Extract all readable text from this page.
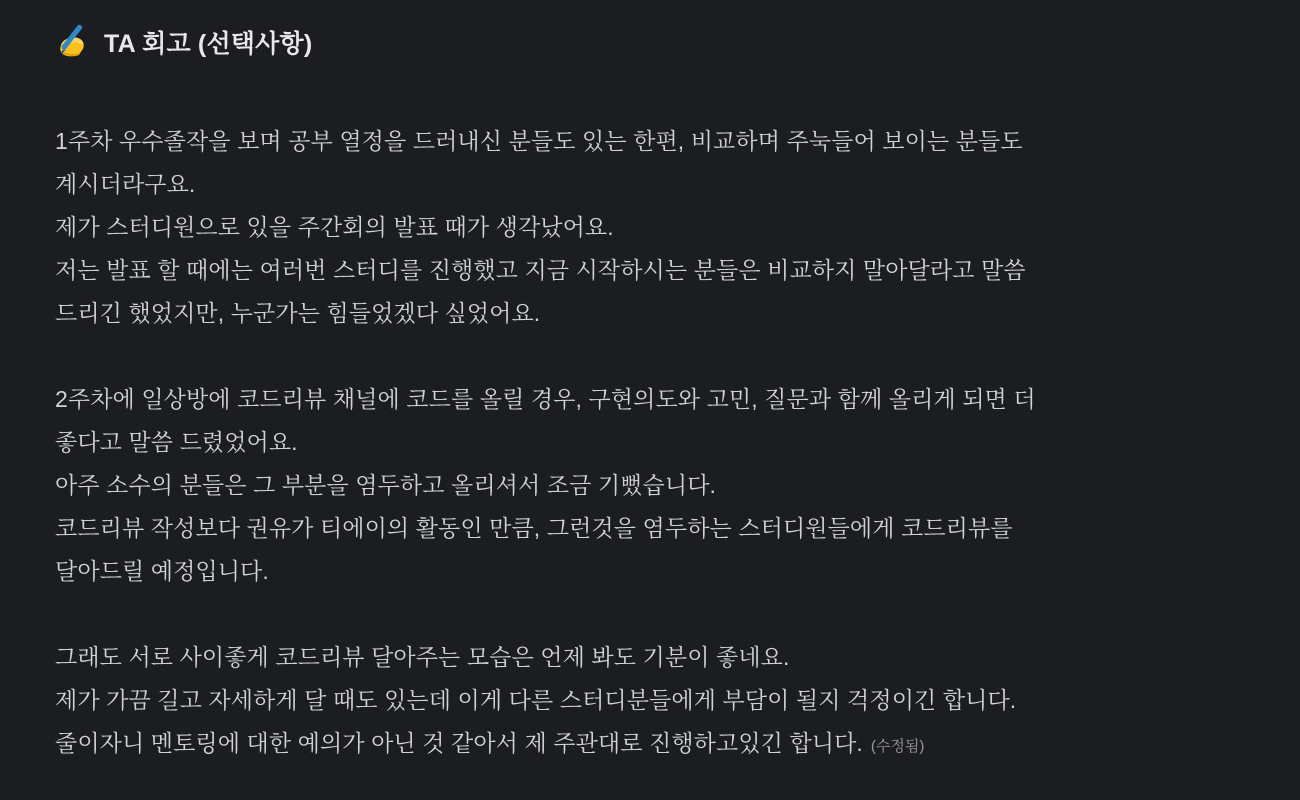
TA 회고 (선택사항)
1주차 우수졸작을 보며 공부 열정을 드러내신 분들도 있는 한편, 비교하며 주눅들어 보이는 분들도
계시더라구요.
제가 스터디원으로 있을 주간회의 발표 때가 생각났어요.
저는 발표 할 때에는 여러번 스터디를 진행했고 지금 시작하시는 분들은 비교하지 말아달라고 말씀
드리긴 했었지만, 누군가는 힘들었겠다 싶었어요.
2주차에 일상방에 코드리뷰 채널에 코드를 올릴 경우, 구현의도와 고민, 질문과 함께 올리게 되면 더
좋다고 말씀 드렸었어요.
아주 소수의 분들은 그 부분을 염두하고 올리셔서 조금 기뻤습니다.
코드리뷰 작성보다 권유가 티에이의 활동인 만큼, 그런것을 염두하는 스터디원들에게 코드리뷰를
달아드릴 예정입니다.
그래도 서로 사이좋게 코드리뷰 달아주는 모습은 언제 봐도 기분이 좋네요.
제가 가끔 길고 자세하게 달 때도 있는데 이게 다른 스터디분들에게 부담이 될지 걱정이긴 합니다.
줄이자니 멘토링에 대한 예의가 아닌 것 같아서 제 주관대로 진행하고있긴 합니다. (수정됨)
